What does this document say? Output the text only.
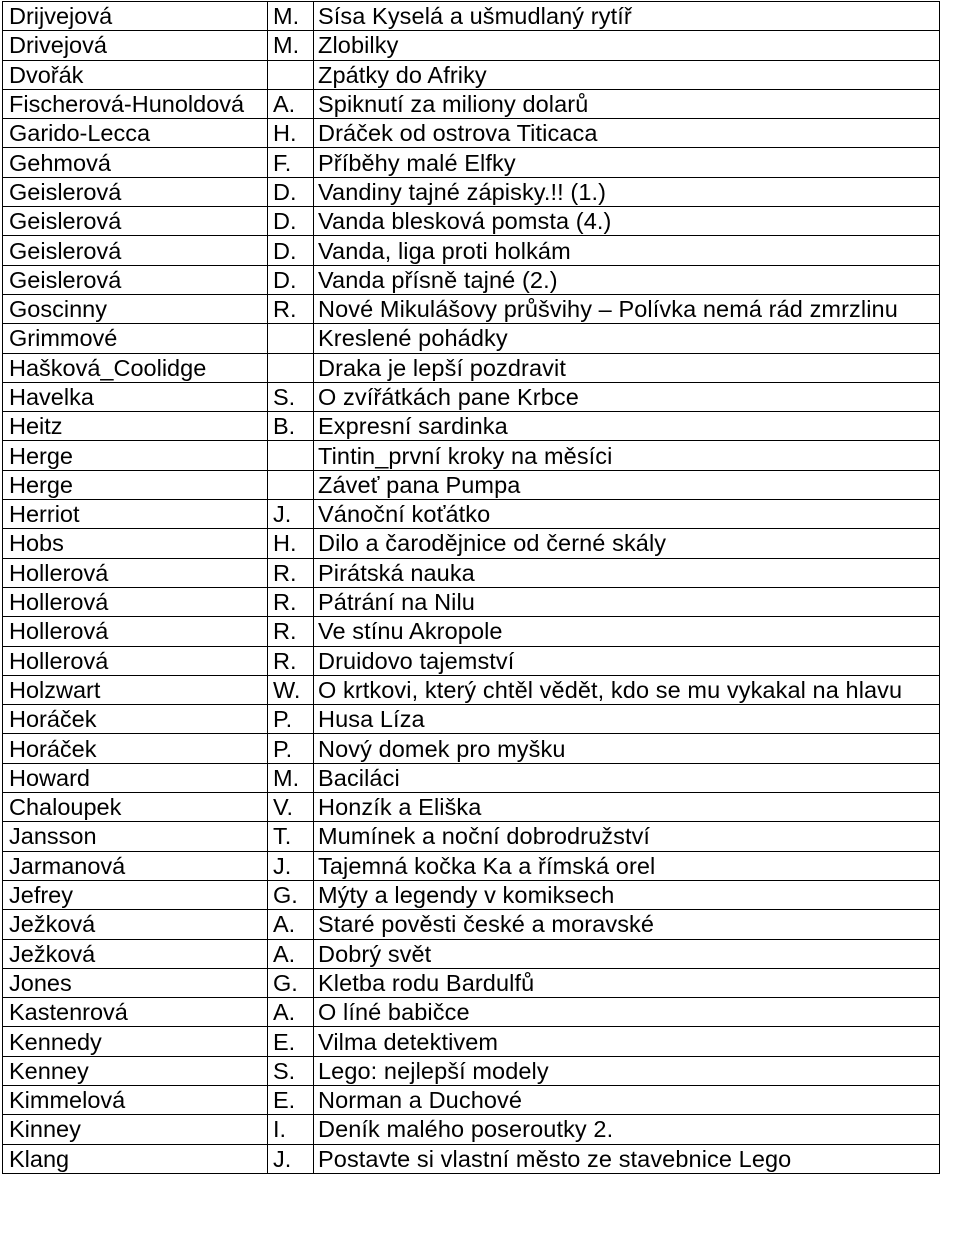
Drijvejová	M.	Sísa Kyselá a ušmudlaný rytíř
Drivejová	M.	Zlobilky
Dvořák		Zpátky do Afriky
Fischerová-Hunoldová	A.	Spiknutí za miliony dolarů
Garido-Lecca	H.	Dráček od ostrova Titicaca
Gehmová	F.	Příběhy malé Elfky
Geislerová	D.	Vandiny tajné zápisky.!! (1.)
Geislerová	D.	Vanda blesková pomsta (4.)
Geislerová	D.	Vanda, liga proti holkám
Geislerová	D.	Vanda přísně tajné (2.)
Goscinny	R.	Nové Mikulášovy průšvihy – Polívka nemá rád zmrzlinu
Grimmové		Kreslené pohádky
Hašková_Coolidge		Draka je lepší pozdravit
Havelka	S.	O zvířátkách pane Krbce
Heitz	B.	Expresní sardinka
Herge		Tintin_první kroky na měsíci
Herge		Záveť pana Pumpa
Herriot	J.	Vánoční koťátko
Hobs	H.	Dilo a čarodějnice od černé skály
Hollerová	R.	Pirátská nauka
Hollerová	R.	Pátrání na Nilu
Hollerová	R.	Ve stínu Akropole
Hollerová	R.	Druidovo tajemství
Holzwart	W.	O krtkovi, který chtěl vědět, kdo se mu vykakal na hlavu
Horáček	P.	Husa Líza
Horáček	P.	Nový domek pro myšku
Howard	M.	Baciláci
Chaloupek	V.	Honzík a Eliška
Jansson	T.	Mumínek a noční dobrodružství
Jarmanová	J.	Tajemná kočka Ka a římská orel
Jefrey	G.	Mýty a legendy v komiksech
Ježková	A.	Staré pověsti české a moravské
Ježková	A.	Dobrý svět
Jones	G.	Kletba rodu Bardulfů
Kastenrová	A.	O líné babičce
Kennedy	E.	Vilma detektivem
Kenney	S.	Lego: nejlepší modely
Kimmelová	E.	Norman a Duchové
Kinney	I.	Deník malého poseroutky 2.
Klang	J.	Postavte si vlastní město ze stavebnice Lego
